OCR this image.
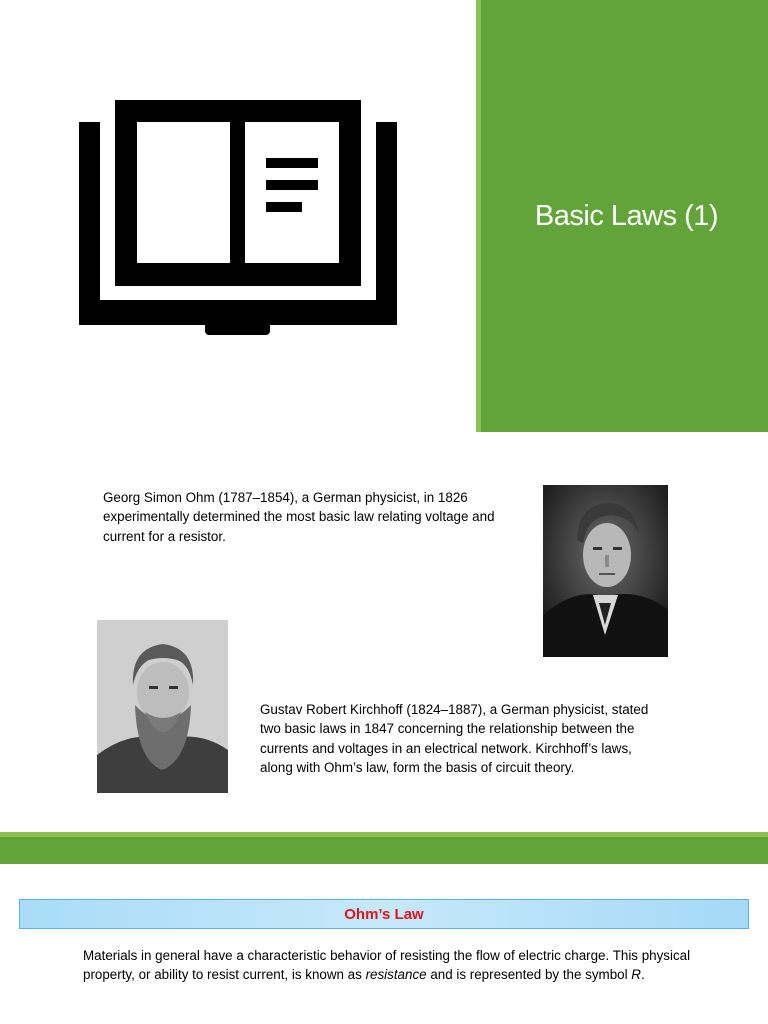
Basic Laws (1)

Georg Simon Ohm (1787–1854), a German physicist, in 1826 experimentally determined the most basic law relating voltage and current for a resistor.

Gustav Robert Kirchhoff (1824–1887), a German physicist, stated two basic laws in 1847 concerning the relationship between the currents and voltages in an electrical network. Kirchhoff’s laws, along with Ohm’s law, form the basis of circuit theory.

Ohm’s Law

Materials in general have a characteristic behavior of resisting the flow of electric charge. This physical property, or ability to resist current, is known as resistance and is represented by the symbol R.
